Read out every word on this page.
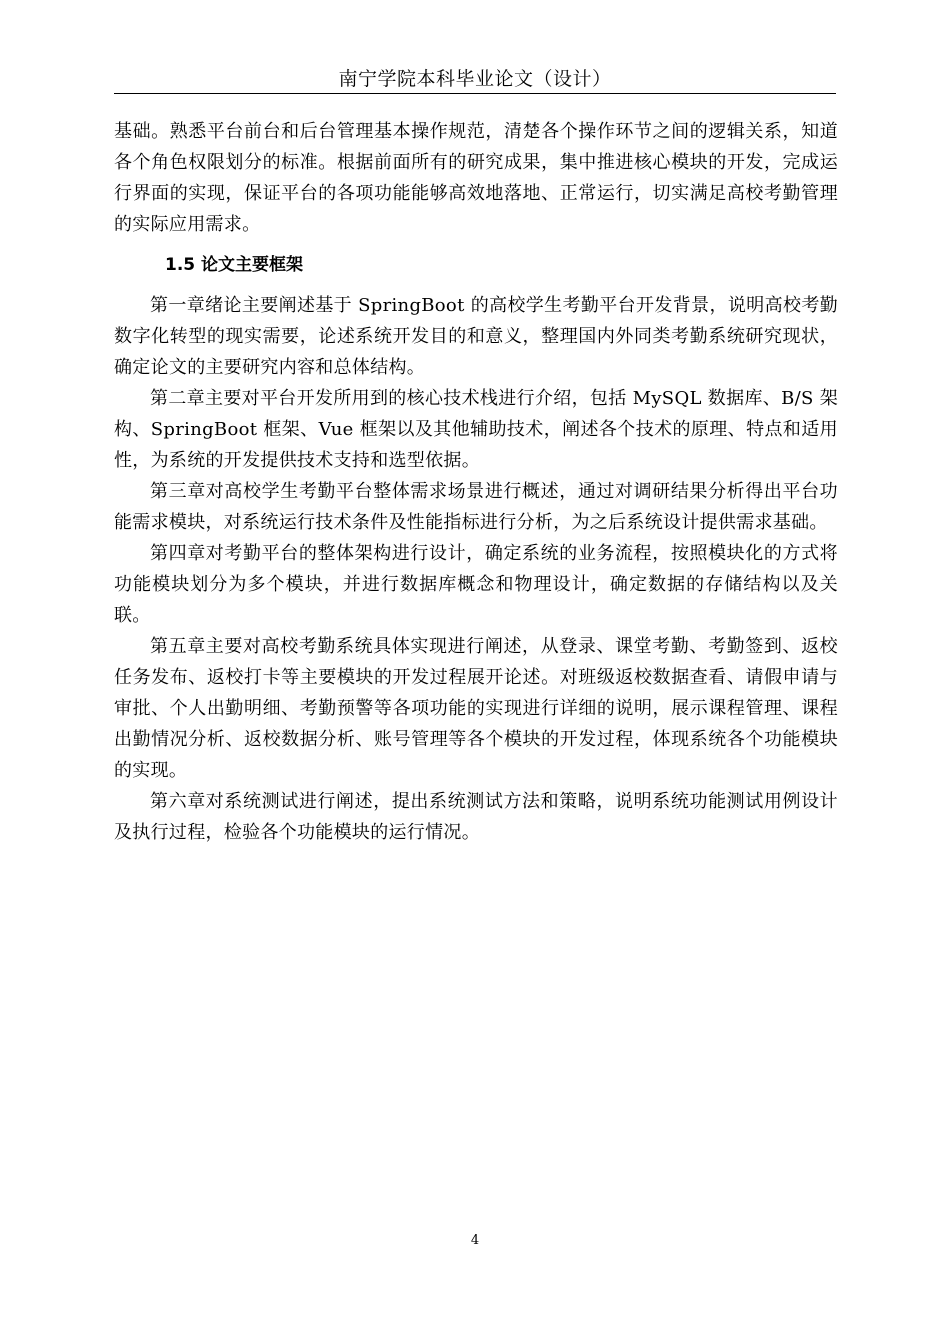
南宁学院本科毕业论文（设计）

基础。熟悉平台前台和后台管理基本操作规范，清楚各个操作环节之间的逻辑关系，知道各个角色权限划分的标准。根据前面所有的研究成果，集中推进核心模块的开发，完成运行界面的实现，保证平台的各项功能能够高效地落地、正常运行，切实满足高校考勤管理的实际应用需求。

1.5 论文主要框架

第一章绪论主要阐述基于 SpringBoot 的高校学生考勤平台开发背景，说明高校考勤数字化转型的现实需要，论述系统开发目的和意义，整理国内外同类考勤系统研究现状，确定论文的主要研究内容和总体结构。

第二章主要对平台开发所用到的核心技术栈进行介绍，包括 MySQL 数据库、B/S 架构、SpringBoot 框架、Vue 框架以及其他辅助技术，阐述各个技术的原理、特点和适用性，为系统的开发提供技术支持和选型依据。

第三章对高校学生考勤平台整体需求场景进行概述，通过对调研结果分析得出平台功能需求模块，对系统运行技术条件及性能指标进行分析，为之后系统设计提供需求基础。

第四章对考勤平台的整体架构进行设计，确定系统的业务流程，按照模块化的方式将功能模块划分为多个模块，并进行数据库概念和物理设计，确定数据的存储结构以及关联。

第五章主要对高校考勤系统具体实现进行阐述，从登录、课堂考勤、考勤签到、返校任务发布、返校打卡等主要模块的开发过程展开论述。对班级返校数据查看、请假申请与审批、个人出勤明细、考勤预警等各项功能的实现进行详细的说明，展示课程管理、课程出勤情况分析、返校数据分析、账号管理等各个模块的开发过程，体现系统各个功能模块的实现。

第六章对系统测试进行阐述，提出系统测试方法和策略，说明系统功能测试用例设计及执行过程，检验各个功能模块的运行情况。

4
